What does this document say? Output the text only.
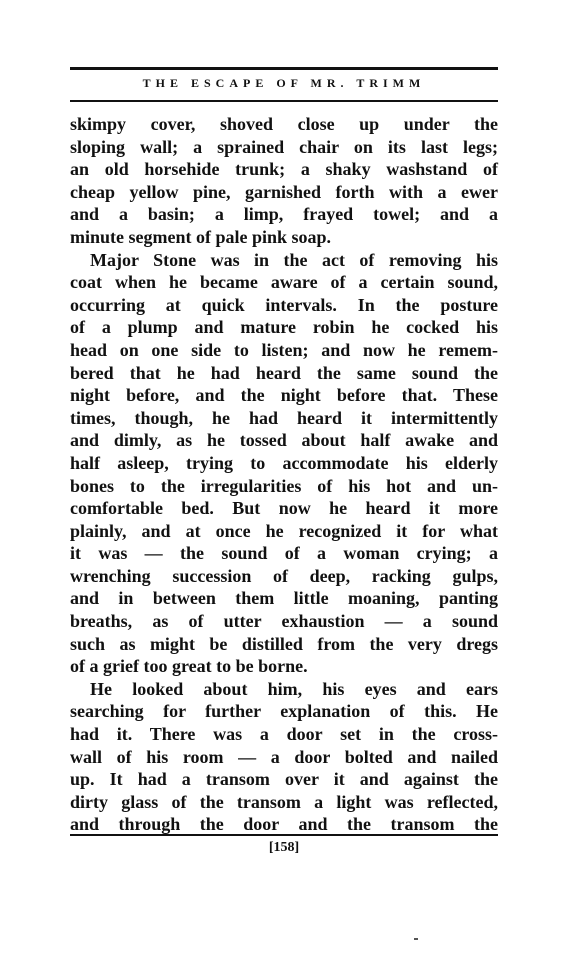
THE ESCAPE OF MR. TRIMM
skimpy cover, shoved close up under the
sloping wall; a sprained chair on its last legs;
an old horsehide trunk; a shaky washstand of
cheap yellow pine, garnished forth with a ewer
and a basin; a limp, frayed towel; and a
minute segment of pale pink soap.
Major Stone was in the act of removing his
coat when he became aware of a certain sound,
occurring at quick intervals. In the posture
of a plump and mature robin he cocked his
head on one side to listen; and now he remem-
bered that he had heard the same sound the
night before, and the night before that. These
times, though, he had heard it intermittently
and dimly, as he tossed about half awake and
half asleep, trying to accommodate his elderly
bones to the irregularities of his hot and un-
comfortable bed. But now he heard it more
plainly, and at once he recognized it for what
it was — the sound of a woman crying; a
wrenching succession of deep, racking gulps,
and in between them little moaning, panting
breaths, as of utter exhaustion — a sound
such as might be distilled from the very dregs
of a grief too great to be borne.
He looked about him, his eyes and ears
searching for further explanation of this. He
had it. There was a door set in the cross-
wall of his room — a door bolted and nailed
up. It had a transom over it and against the
dirty glass of the transom a light was reflected,
and through the door and the transom the
[158]
